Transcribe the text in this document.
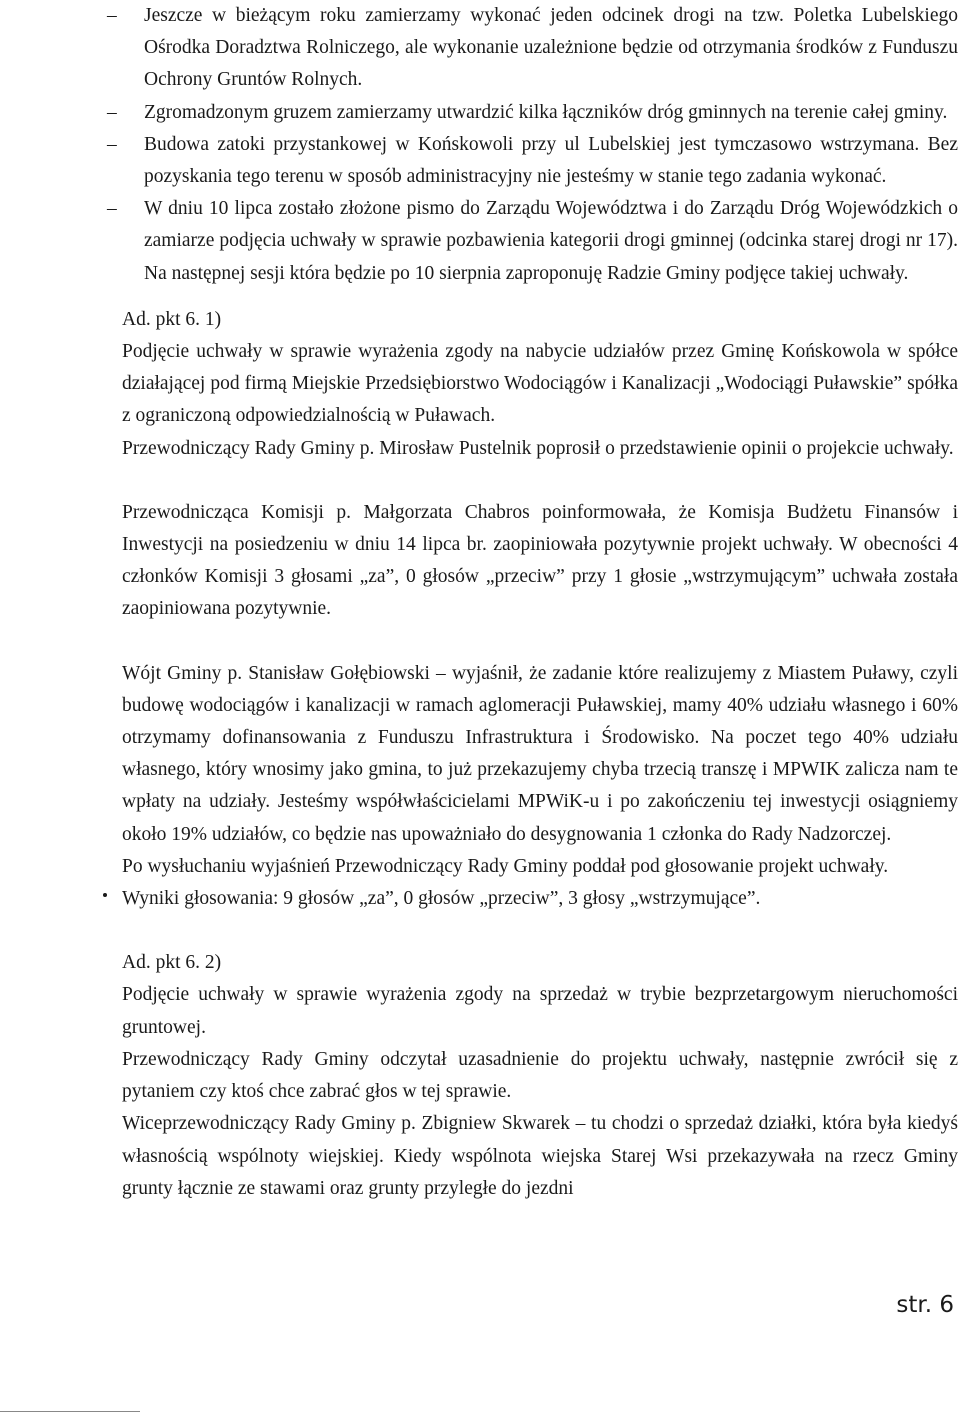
– Jeszcze w bieżącym roku zamierzamy wykonać jeden odcinek drogi na tzw. Poletka Lubelskiego Ośrodka Doradztwa Rolniczego, ale wykonanie uzależnione będzie od otrzymania środków z Funduszu Ochrony Gruntów Rolnych.
– Zgromadzonym gruzem zamierzamy utwardzić kilka łączników dróg gminnych na terenie całej gminy.
– Budowa zatoki przystankowej w Końskowoli przy ul Lubelskiej jest tymczasowo wstrzymana. Bez pozyskania tego terenu w sposób administracyjny nie jesteśmy w stanie tego zadania wykonać.
– W dniu 10 lipca zostało złożone pismo do Zarządu Województwa i do Zarządu Dróg Wojewódzkich o zamiarze podjęcia uchwały w sprawie pozbawienia kategorii drogi gminnej (odcinka starej drogi nr 17). Na następnej sesji która będzie po 10 sierpnia zaproponuję Radzie Gminy podjęce takiej uchwały.
Ad. pkt 6. 1)

Podjęcie uchwały w sprawie wyrażenia zgody na nabycie udziałów przez Gminę Końskowola w spółce działającej pod firmą Miejskie Przedsiębiorstwo Wodociągów i Kanalizacji „Wodociągi Puławskie” spółka z ograniczoną odpowiedzialnością w Puławach.

Przewodniczący Rady Gminy p. Mirosław Pustelnik poprosił o przedstawienie opinii o projekcie uchwały.

Przewodnicząca Komisji p. Małgorzata Chabros poinformowała, że Komisja Budżetu Finansów i Inwestycji na posiedzeniu w dniu 14 lipca br. zaopiniowała pozytywnie projekt uchwały. W obecności 4 członków Komisji 3 głosami „za”, 0 głosów „przeciw” przy 1 głosie „wstrzymującym” uchwała została zaopiniowana pozytywnie.

Wójt Gminy p. Stanisław Gołębiowski – wyjaśnił, że zadanie które realizujemy z Miastem Puławy, czyli budowę wodociągów i kanalizacji w ramach aglomeracji Puławskiej, mamy 40% udziału własnego i 60% otrzymamy dofinansowania z Funduszu Infrastruktura i Środowisko. Na poczet tego 40% udziału własnego, który wnosimy jako gmina, to już przekazujemy chyba trzecią transzę i MPWIK zalicza nam te wpłaty na udziały. Jesteśmy współwłaścicielami MPWiK-u i po zakończeniu tej inwestycji osiągniemy około 19% udziałów, co będzie nas upoważniało do desygnowania 1 członka do Rady Nadzorczej.

Po wysłuchaniu wyjaśnień Przewodniczący Rady Gminy poddał pod głosowanie projekt uchwały.

Wyniki głosowania: 9 głosów „za”, 0 głosów „przeciw”, 3 głosy „wstrzymujące”.

Ad. pkt 6. 2)

Podjęcie uchwały w sprawie wyrażenia zgody na sprzedaż w trybie bezprzetargowym nieruchomości gruntowej.

Przewodniczący Rady Gminy odczytał uzasadnienie do projektu uchwały, następnie zwrócił się z pytaniem czy ktoś chce zabrać głos w tej sprawie.

Wiceprzewodniczący Rady Gminy p. Zbigniew Skwarek – tu chodzi o sprzedaż działki, która była kiedyś własnością wspólnoty wiejskiej. Kiedy wspólnota wiejska Starej Wsi przekazywała na rzecz Gminy grunty łącznie ze stawami oraz grunty przyległe do jezdni

str. 6
